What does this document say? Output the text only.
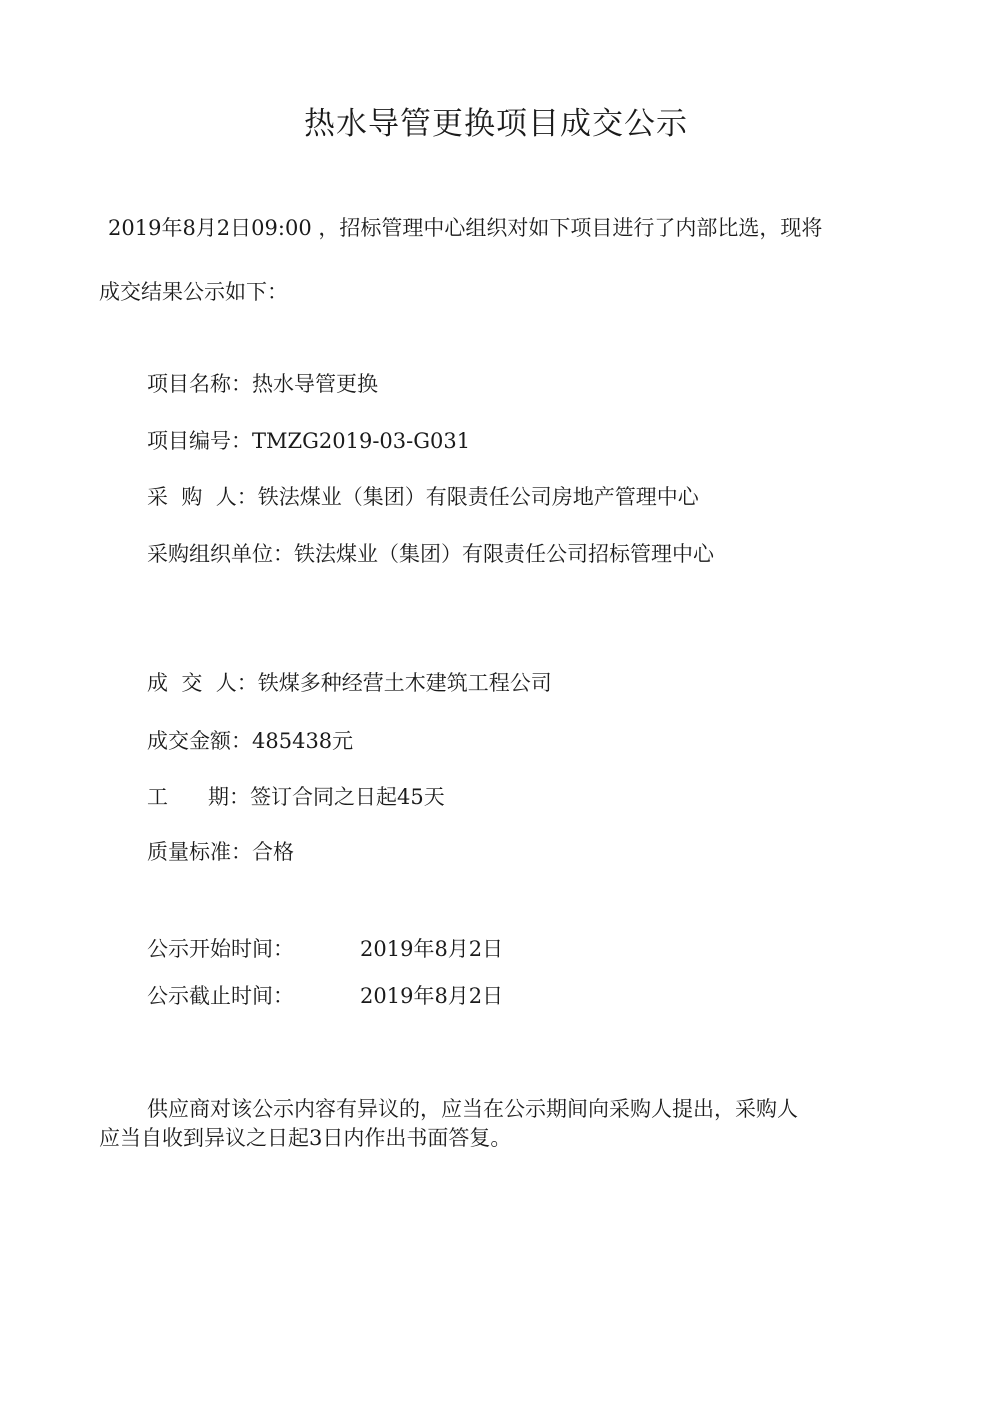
热水导管更换项目成交公示
2019年8月2日09:00 ，招标管理中心组织对如下项目进行了内部比选，现将
成交结果公示如下：
项目名称：热水导管更换
项目编号：TMZG2019-03-G031
采  购  人：铁法煤业（集团）有限责任公司房地产管理中心
采购组织单位：铁法煤业（集团）有限责任公司招标管理中心
成  交  人：铁煤多种经营土木建筑工程公司
成交金额：485438元
工      期：签订合同之日起45天
质量标准：合格
公示开始时间：	2019年8月2日
公示截止时间：	2019年8月2日
供应商对该公示内容有异议的，应当在公示期间向采购人提出，采购人
应当自收到异议之日起3日内作出书面答复。
